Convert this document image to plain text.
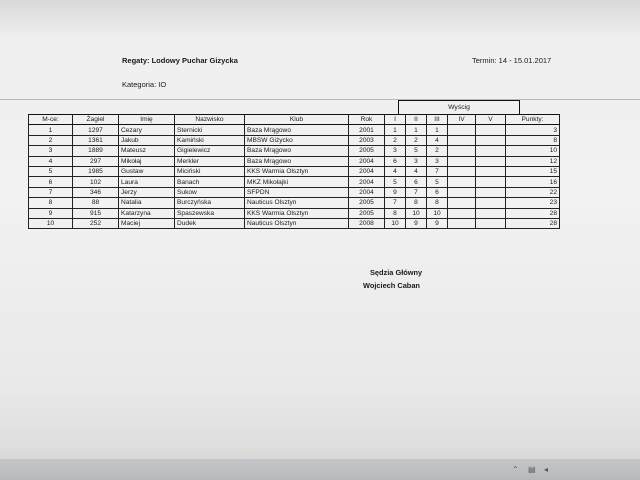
Regaty: Lodowy Puchar Gizycka	Termin: 14 - 15.01.2017
Kategoria: IO
Wyścig
M-ce:	Żagiel	Imię	Nazwisko	Klub	Rok	I	II	III	IV	V	Punkty:
1	1297	Cezary	Sternicki	Baza Mrągowo	2001	1	1	1			3
2	1361	Jakub	Kamiński	MBSW Giżycko	2003	2	2	4			8
3	1889	Mateusz	Gigielewicz	Baza Mrągowo	2005	3	5	2			10
4	297	Mikołaj	Merkler	Baza Mrągowo	2004	6	3	3			12
5	1985	Gustaw	Miciński	KKS Warmia Olsztyn	2004	4	4	7			15
6	102	Laura	Banach	MKZ Mikołajki	2004	5	6	5			16
7	346	Jerzy	Sukow	SFPDN	2004	9	7	6			22
8	88	Natalia	Burczyńska	Nauticus Olsztyn	2005	7	8	8			23
9	915	Katarzyna	Spaszewska	KKS Warmia Olsztyn	2005	8	10	10			28
10	252	Maciej	Dudek	Nauticus Olsztyn	2008	10	9	9			28
Sędzia Główny
Wojciech Caban
⌃ ▤ ◂
